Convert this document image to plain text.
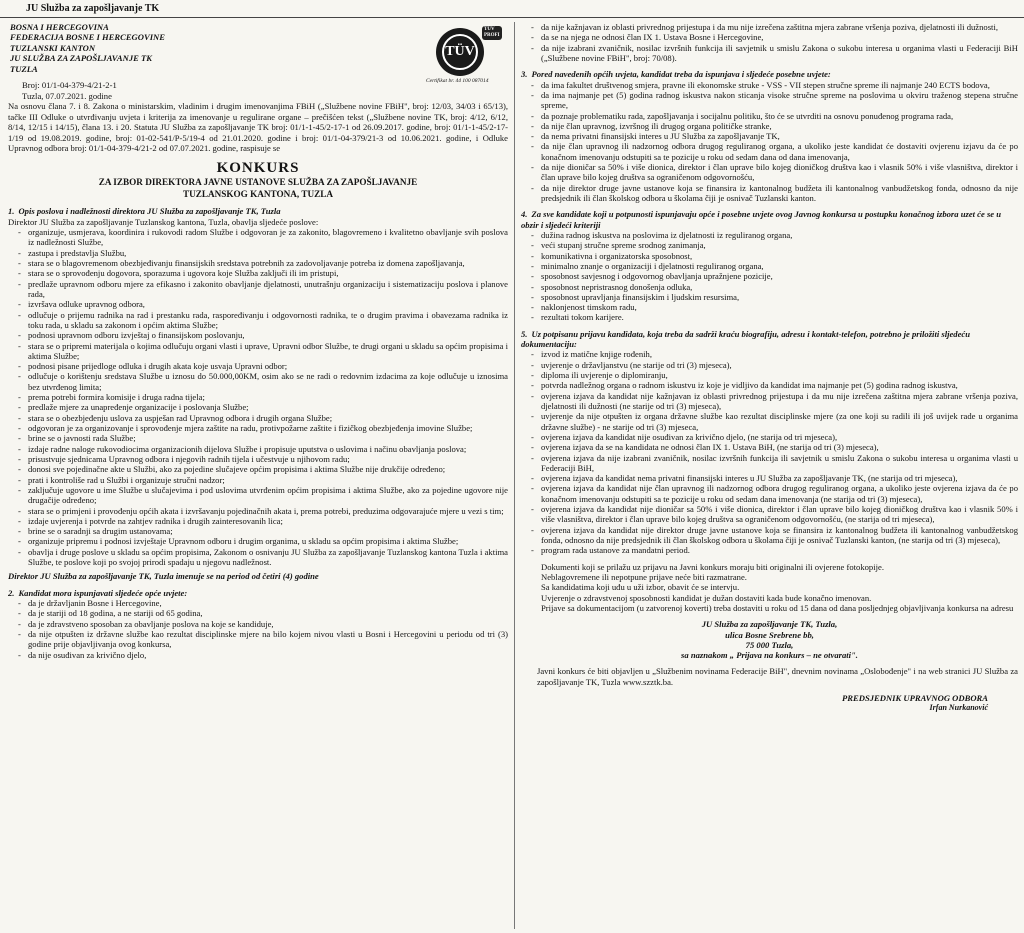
JU Služba za zapošljavanje TK
BOSNA I HERCEGOVINA
FEDERACIJA BOSNE I HERCEGOVINE
TUZLANSKI KANTON
JU SLUŽBA ZA ZAPOŠLJAVANJE TK
TUZLA
TÜV
TÜV PROFI
Certifikat br. 44 100 087014
Broj: 01/1-04-379-4/21-2-1
Tuzla, 07.07.2021. godine

Na osnovu člana 7. i 8. Zakona o ministarskim, vladinim i drugim imenovanjima FBiH („Službene novine FBiH", broj: 12/03, 34/03 i 65/13), tačke III Odluke o utvrđivanju uvjeta i kriterija za imenovanje u regulirane organe – prečišćen tekst („Službene novine TK, broj: 4/12, 6/12, 8/14, 12/15 i 14/15), člana 13. i 20. Statuta JU Služba za zapošljavanje TK broj: 01/1-1-45/2-17-1 od 26.09.2017. godine, broj: 01/1-1-45/2-17-1/19 od 19.08.2019. godine, broj: 01-02-541/P-5/19-4 od 21.01.2020. godine i broj: 01/1-04-379/21-3 od 10.06.2021. godine, i Odluke Upravnog odbora broj: 01/1-04-379-4/21-2 od 07.07.2021. godine, raspisuje se

KONKURS
ZA IZBOR DIREKTORA JAVNE USTANOVE SLUŽBA ZA ZAPOŠLJAVANJE
TUZLANSKOG KANTONA, TUZLA
1. Opis poslova i nadležnosti direktora JU Služba za zapošljavanje TK, Tuzla
Direktor JU Služba za zapošljavanje Tuzlanskog kantona, Tuzla, obavlja sljedeće poslove:
- organizuje, usmjerava, koordinira i rukovodi radom Službe i odgovoran je za zakonito, blagovremeno i kvalitetno obavljanje svih poslova iz nadležnosti Službe,
- zastupa i predstavlja Službu,
- stara se o blagovremenom obezbjeđivanju finansijskih sredstava potrebnih za zadovoljavanje potreba iz domena zapošljavanja,
- stara se o sprovođenju dogovora, sporazuma i ugovora koje Služba zaključi ili im pristupi,
- predlaže upravnom odboru mjere za efikasno i zakonito obavljanje djelatnosti, unutrašnju organizaciju i sistematizaciju poslova i planove rada,
- izvršava odluke upravnog odbora,
- odlučuje o prijemu radnika na rad i prestanku rada, raspoređivanju i odgovornosti radnika, te o drugim pravima i obavezama radnika iz toku rada, u skladu sa zakonom i općim aktima Službe;
- podnosi upravnom odboru izvještaj o finansijskom poslovanju,
- stara se o pripremi materijala o kojima odlučuju organi vlasti i uprave, Upravni odbor Službe, te drugi organi u skladu sa općim propisima i aktima Službe;
- podnosi pisane prijedloge odluka i drugih akata koje usvaja Upravni odbor;
- odlučuje o korištenju sredstava Službe u iznosu do 50.000,00KM, osim ako se ne radi o redovnim izdacima za koje odlučuje u iznosima bez utvrđenog limita;
- prema potrebi formira komisije i druga radna tijela;
- predlaže mjere za unapređenje organizacije i poslovanja Službe;
- stara se o obezbjeđenju uslova za uspješan rad Upravnog odbora i drugih organa Službe;
- odgovoran je za organizovanje i sprovođenje mjera zaštite na radu, protivpožarne zaštite i fizičkog obezbjeđenja imovine Službe;
- brine se o javnosti rada Službe;
- izdaje radne naloge rukovodiocima organizacionih dijelova Službe i propisuje uputstva o uslovima i načinu obavljanja poslova;
- prisustvuje sjednicama Upravnog odbora i njegovih radnih tijela i učestvuje u njihovom radu;
- donosi sve pojedinačne akte u Službi, ako za pojedine slučajeve općim propisima i aktima Službe nije drukčije određeno;
- prati i kontroliše rad u Službi i organizuje stručni nadzor;
- zaključuje ugovore u ime Službe u slučajevima i pod uslovima utvrđenim općim propisima i aktima Službe, ako za pojedine ugovore nije drugačije određeno;
- stara se o primjeni i provođenju općih akata i izvršavanju pojedinačnih akata i, prema potrebi, preduzima odgovarajuće mjere u vezi s tim;
- izdaje uvjerenja i potvrde na zahtjev radnika i drugih zainteresovanih lica;
- brine se o saradnji sa drugim ustanovama;
- organizuje pripremu i podnosi izvještaje Upravnom odboru i drugim organima, u skladu sa općim propisima i aktima Službe;
- obavlja i druge poslove u skladu sa općim propisima, Zakonom o osnivanju JU Služba za zapošljavanje Tuzlanskog kantona Tuzla i aktima Službe, te poslove koji po svojoj prirodi spadaju u njegovu nadležnost.
Direktor JU Služba za zapošljavanje TK, Tuzla imenuje se na period od četiri (4) godine
2. Kandidat mora ispunjavati sljedeće opće uvjete:
- da je državljanin Bosne i Hercegovine,
- da je stariji od 18 godina, a ne stariji od 65 godina,
- da je zdravstveno sposoban za obavljanje poslova na koje se kandiduje,
- da nije otpušten iz državne službe kao rezultat disciplinske mjere na bilo kojem nivou vlasti u Bosni i Hercegovini u periodu od tri (3) godine prije objavljivanja ovog konkursa,
- da nije osuđivan za krivično djelo,
- da nije kažnjavan iz oblasti privrednog prijestupa i da mu nije izrečena zaštitna mjera zabrane vršenja poziva, djelatnosti ili dužnosti,
- da se na njega ne odnosi član IX 1. Ustava Bosne i Hercegovine,
- da nije izabrani zvaničnik, nosilac izvršnih funkcija ili savjetnik u smislu Zakona o sukobu interesa u organima vlasti u Federaciji BiH („Službene novine FBiH", broj: 70/08).
3. Pored navedenih općih uvjeta, kandidat treba da ispunjava i sljedeće posebne uvjete:
- da ima fakultet društvenog smjera, pravne ili ekonomske struke - VSS - VII stepen stručne spreme ili najmanje 240 ECTS bodova,
- da ima najmanje pet (5) godina radnog iskustva nakon sticanja visoke stručne spreme na poslovima u okviru traženog stepena stručne spreme,
- da poznaje problematiku rada, zapošljavanja i socijalnu politiku, što će se utvrditi na osnovu ponuđenog programa rada,
- da nije član upravnog, izvršnog ili drugog organa političke stranke,
- da nema privatni finansijski interes u JU Služba za zapošljavanje TK,
- da nije član upravnog ili nadzornog odbora drugog reguliranog organa, a ukoliko jeste kandidat će dostaviti ovjerenu izjavu da će po konačnom imenovanju odstupiti sa te pozicije u roku od sedam dana od dana imenovanja,
- da nije dioničar sa 50% i više dionica, direktor i član uprave bilo kojeg dioničkog društva kao i vlasnik 50% i više vlasništva, direktor i član uprave bilo kojeg društva sa ograničenom odgovornošću,
- da nije direktor druge javne ustanove koja se finansira iz kantonalnog budžeta ili kantonalnog vanbudžetskog fonda, odnosno da nije predsjednik ili član školskog odbora u školama čiji je osnivač Tuzlanski kanton.
4. Za sve kandidate koji u potpunosti ispunjavaju opće i posebne uvjete ovog Javnog konkursa u postupku konačnog izbora uzet će se u obzir i sljedeći kriteriji
- dužina radnog iskustva na poslovima iz djelatnosti iz reguliranog organa,
- veći stupanj stručne spreme srodnog zanimanja,
- komunikativna i organizatorska sposobnost,
- minimalno znanje o organizaciji i djelatnosti reguliranog organa,
- sposobnost savjesnog i odgovornog obavljanja upražnjene pozicije,
- sposobnost nepristrasnog donošenja odluka,
- sposobnost upravljanja finansijskim i ljudskim resursima,
- naklonjenost timskom radu,
- rezultati tokom karijere.
5. Uz potpisanu prijavu kandidata, koja treba da sadrži kraću biografiju, adresu i kontakt-telefon, potrebno je priložiti sljedeću dokumentaciju:
- izvod iz matične knjige rođenih,
- uvjerenje o državljanstvu (ne starije od tri (3) mjeseca),
- diploma ili uvjerenje o diplomiranju,
- potvrda nadležnog organa o radnom iskustvu iz koje je vidljivo da kandidat ima najmanje pet (5) godina radnog iskustva,
- ovjerena izjava da kandidat nije kažnjavan iz oblasti privrednog prijestupa i da mu nije izrečena zaštitna mjera zabrane vršenja poziva, djelatnosti ili dužnosti (ne starije od tri (3) mjeseca),
- uvjerenje da nije otpušten iz organa državne službe kao rezultat disciplinske mjere (za one koji su radili ili još uvijek rade u organima državne službe) - ne starije od tri (3) mjeseca,
- ovjerena izjava da kandidat nije osuđivan za krivično djelo, (ne starija od tri mjeseca),
- ovjerena izjava da se na kandidata ne odnosi član IX 1. Ustava BiH, (ne starija od tri (3) mjeseca),
- ovjerena izjava da nije izabrani zvaničnik, nosilac izvršnih funkcija ili savjetnik u smislu Zakona o sukobu interesa u organima vlasti u Federaciji BiH,
- ovjerena izjava da kandidat nema privatni finansijski interes u JU Služba za zapošljavanje TK, (ne starija od tri mjeseca),
- ovjerena izjava da kandidat nije član upravnog ili nadzornog odbora drugog reguliranog organa, a ukoliko jeste ovjerena izjava da će po konačnom imenovanju odstupiti sa te pozicije u roku od sedam dana imenovanja (ne starija od tri (3) mjeseca),
- ovjerena izjava da kandidat nije dioničar sa 50% i više dionica, direktor i član uprave bilo kojeg dioničkog društva kao i vlasnik 50% i više vlasništva, direktor i član uprave bilo kojeg društva sa ograničenom odgovornošću, (ne starija od tri mjeseca),
- ovjerena izjava da kandidat nije direktor druge javne ustanove koja se finansira iz kantonalnog budžeta ili kantonalnog vanbudžetskog fonda, odnosno da nije predsjednik ili član školskog odbora u školama čiji je osnivač Tuzlanski kanton, (ne starija od tri (3) mjeseca),
- program rada ustanove za mandatni period.
Dokumenti koji se prilažu uz prijavu na Javni konkurs moraju biti originalni ili ovjerene fotokopije.
Neblagovremene ili nepotpune prijave neće biti razmatrane.
Sa kandidatima koji uđu u uži izbor, obavit će se intervju.
Uvjerenje o zdravstvenoj sposobnosti kandidat je dužan dostaviti kada bude konačno imenovan.
Prijave sa dokumentacijom (u zatvorenoj koverti) treba dostaviti u roku od 15 dana od dana posljednjeg objavljivanja konkursa na adresu
JU Služba za zapošljavanje TK, Tuzla,
ulica Bosne Srebrene bb,
75 000 Tuzla,
sa naznakom „ Prijava na konkurs – ne otvarati".
Javni konkurs će biti objavljen u „Službenim novinama Federacije BiH", dnevnim novinama „Oslobođenje" i na web stranici JU Služba za zapošljavanje TK, Tuzla www.szztk.ba.
PREDSJEDNIK UPRAVNOG ODBORA
Irfan Nurkanović
